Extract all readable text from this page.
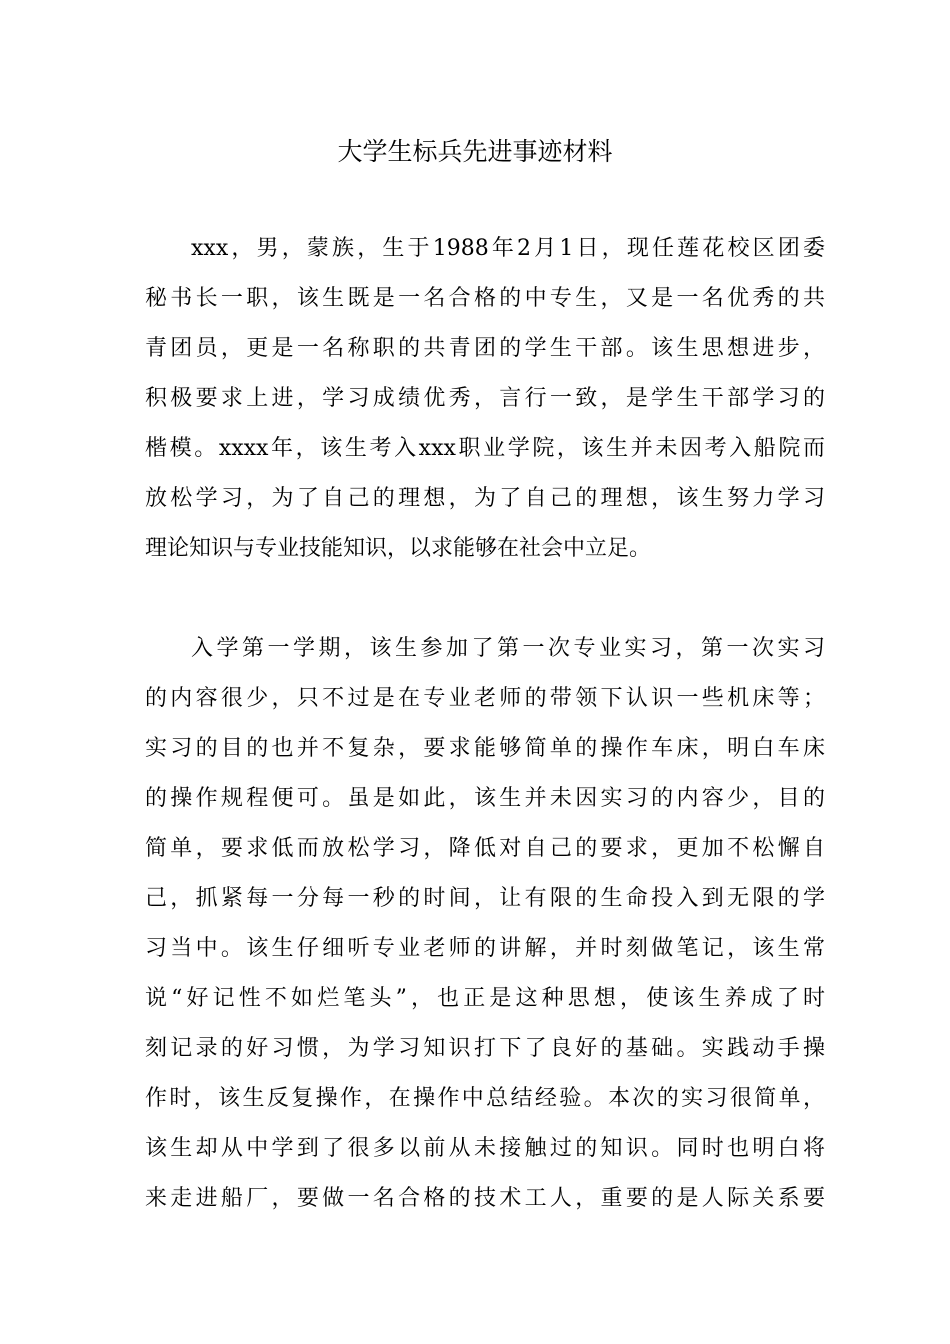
大学生标兵先进事迹材料
xxx，男，蒙族，生于1988年2月1日，现任莲花校区团委
秘书长一职，该生既是一名合格的中专生，又是一名优秀的共
青团员，更是一名称职的共青团的学生干部。该生思想进步，
积极要求上进，学习成绩优秀，言行一致，是学生干部学习的
楷模。xxxx年，该生考入xxx职业学院，该生并未因考入船院而
放松学习，为了自己的理想，为了自己的理想，该生努力学习
理论知识与专业技能知识，以求能够在社会中立足。
入学第一学期，该生参加了第一次专业实习，第一次实习
的内容很少，只不过是在专业老师的带领下认识一些机床等；
实习的目的也并不复杂，要求能够简单的操作车床，明白车床
的操作规程便可。虽是如此，该生并未因实习的内容少，目的
简单，要求低而放松学习，降低对自己的要求，更加不松懈自
己，抓紧每一分每一秒的时间，让有限的生命投入到无限的学
习当中。该生仔细听专业老师的讲解，并时刻做笔记，该生常
说“好记性不如烂笔头”，也正是这种思想，使该生养成了时
刻记录的好习惯，为学习知识打下了良好的基础。实践动手操
作时，该生反复操作，在操作中总结经验。本次的实习很简单，
该生却从中学到了很多以前从未接触过的知识。同时也明白将
来走进船厂，要做一名合格的技术工人，重要的是人际关系要
